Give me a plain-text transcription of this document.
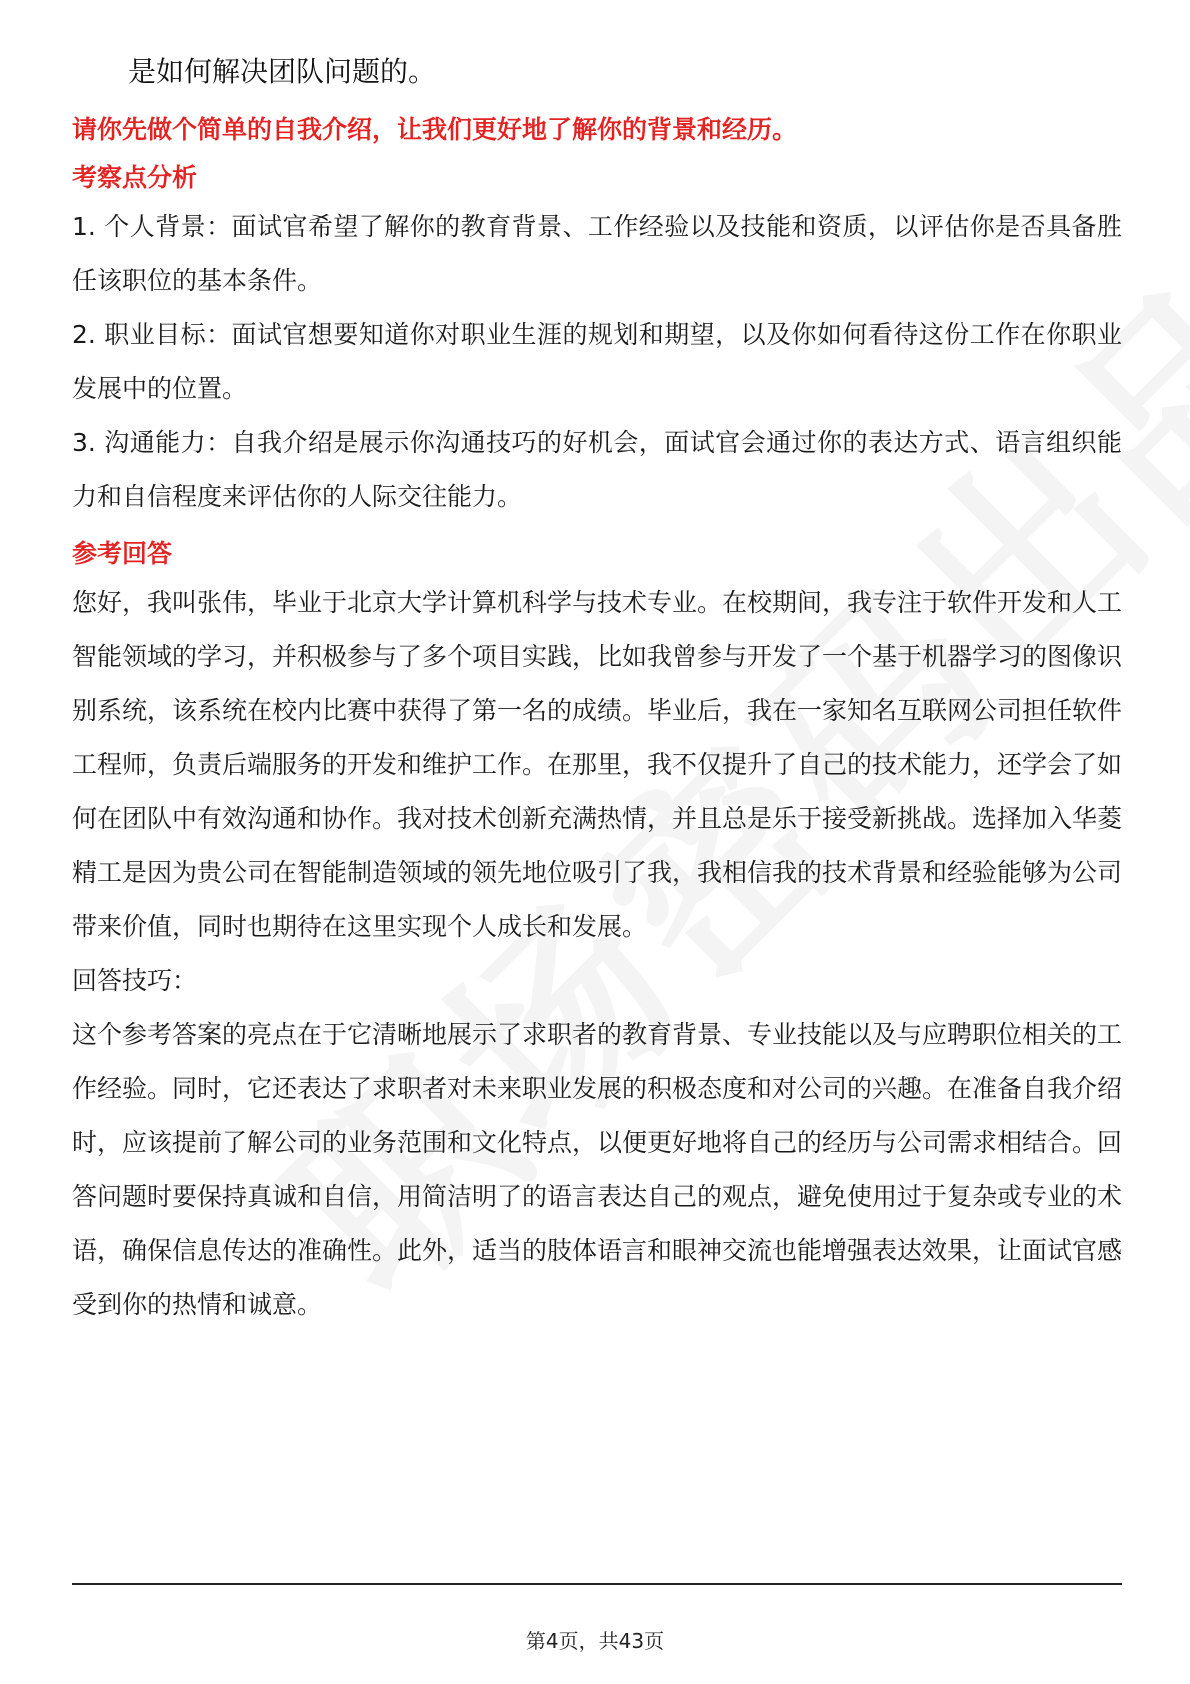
是如何解决团队问题的。

请你先做个简单的自我介绍，让我们更好地了解你的背景和经历。

考察点分析

1. 个人背景：面试官希望了解你的教育背景、工作经验以及技能和资质，以评估你是否具备胜任该职位的基本条件。

2. 职业目标：面试官想要知道你对职业生涯的规划和期望，以及你如何看待这份工作在你职业发展中的位置。

3. 沟通能力：自我介绍是展示你沟通技巧的好机会，面试官会通过你的表达方式、语言组织能力和自信程度来评估你的人际交往能力。

参考回答

您好，我叫张伟，毕业于北京大学计算机科学与技术专业。在校期间，我专注于软件开发和人工智能领域的学习，并积极参与了多个项目实践，比如我曾参与开发了一个基于机器学习的图像识别系统，该系统在校内比赛中获得了第一名的成绩。毕业后，我在一家知名互联网公司担任软件工程师，负责后端服务的开发和维护工作。在那里，我不仅提升了自己的技术能力，还学会了如何在团队中有效沟通和协作。我对技术创新充满热情，并且总是乐于接受新挑战。选择加入华菱精工是因为贵公司在智能制造领域的领先地位吸引了我，我相信我的技术背景和经验能够为公司带来价值，同时也期待在这里实现个人成长和发展。

回答技巧：

这个参考答案的亮点在于它清晰地展示了求职者的教育背景、专业技能以及与应聘职位相关的工作经验。同时，它还表达了求职者对未来职业发展的积极态度和对公司的兴趣。在准备自我介绍时，应该提前了解公司的业务范围和文化特点，以便更好地将自己的经历与公司需求相结合。回答问题时要保持真诚和自信，用简洁明了的语言表达自己的观点，避免使用过于复杂或专业的术语，确保信息传达的准确性。此外，适当的肢体语言和眼神交流也能增强表达效果，让面试官感受到你的热情和诚意。

第4页，共43页
